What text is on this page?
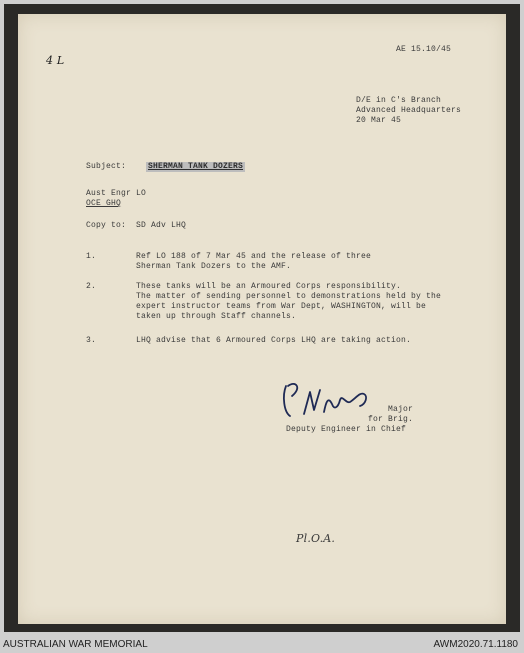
4 L
AE 15.10/45
D/E in C's Branch
Advanced Headquarters
20 Mar 45
Subject:	SHERMAN TANK DOZERS
Aust Engr LO
OCE GHQ
Copy to:  SD Adv LHQ
1.        Ref LO 188 of 7 Mar 45 and the release of three
Sherman Tank Dozers to the AMF.
2.        These tanks will be an Armoured Corps responsibility.
The matter of sending personnel to demonstrations held by the
expert instructor teams from War Dept, WASHINGTON, will be
taken up through Staff channels.
3.        LHQ advise that 6 Armoured Corps LHQ are taking action.
Major
for Brig.
Deputy Engineer in Chief
Pl.O.A.
AUSTRALIAN WAR MEMORIAL	AWM2020.71.1180
